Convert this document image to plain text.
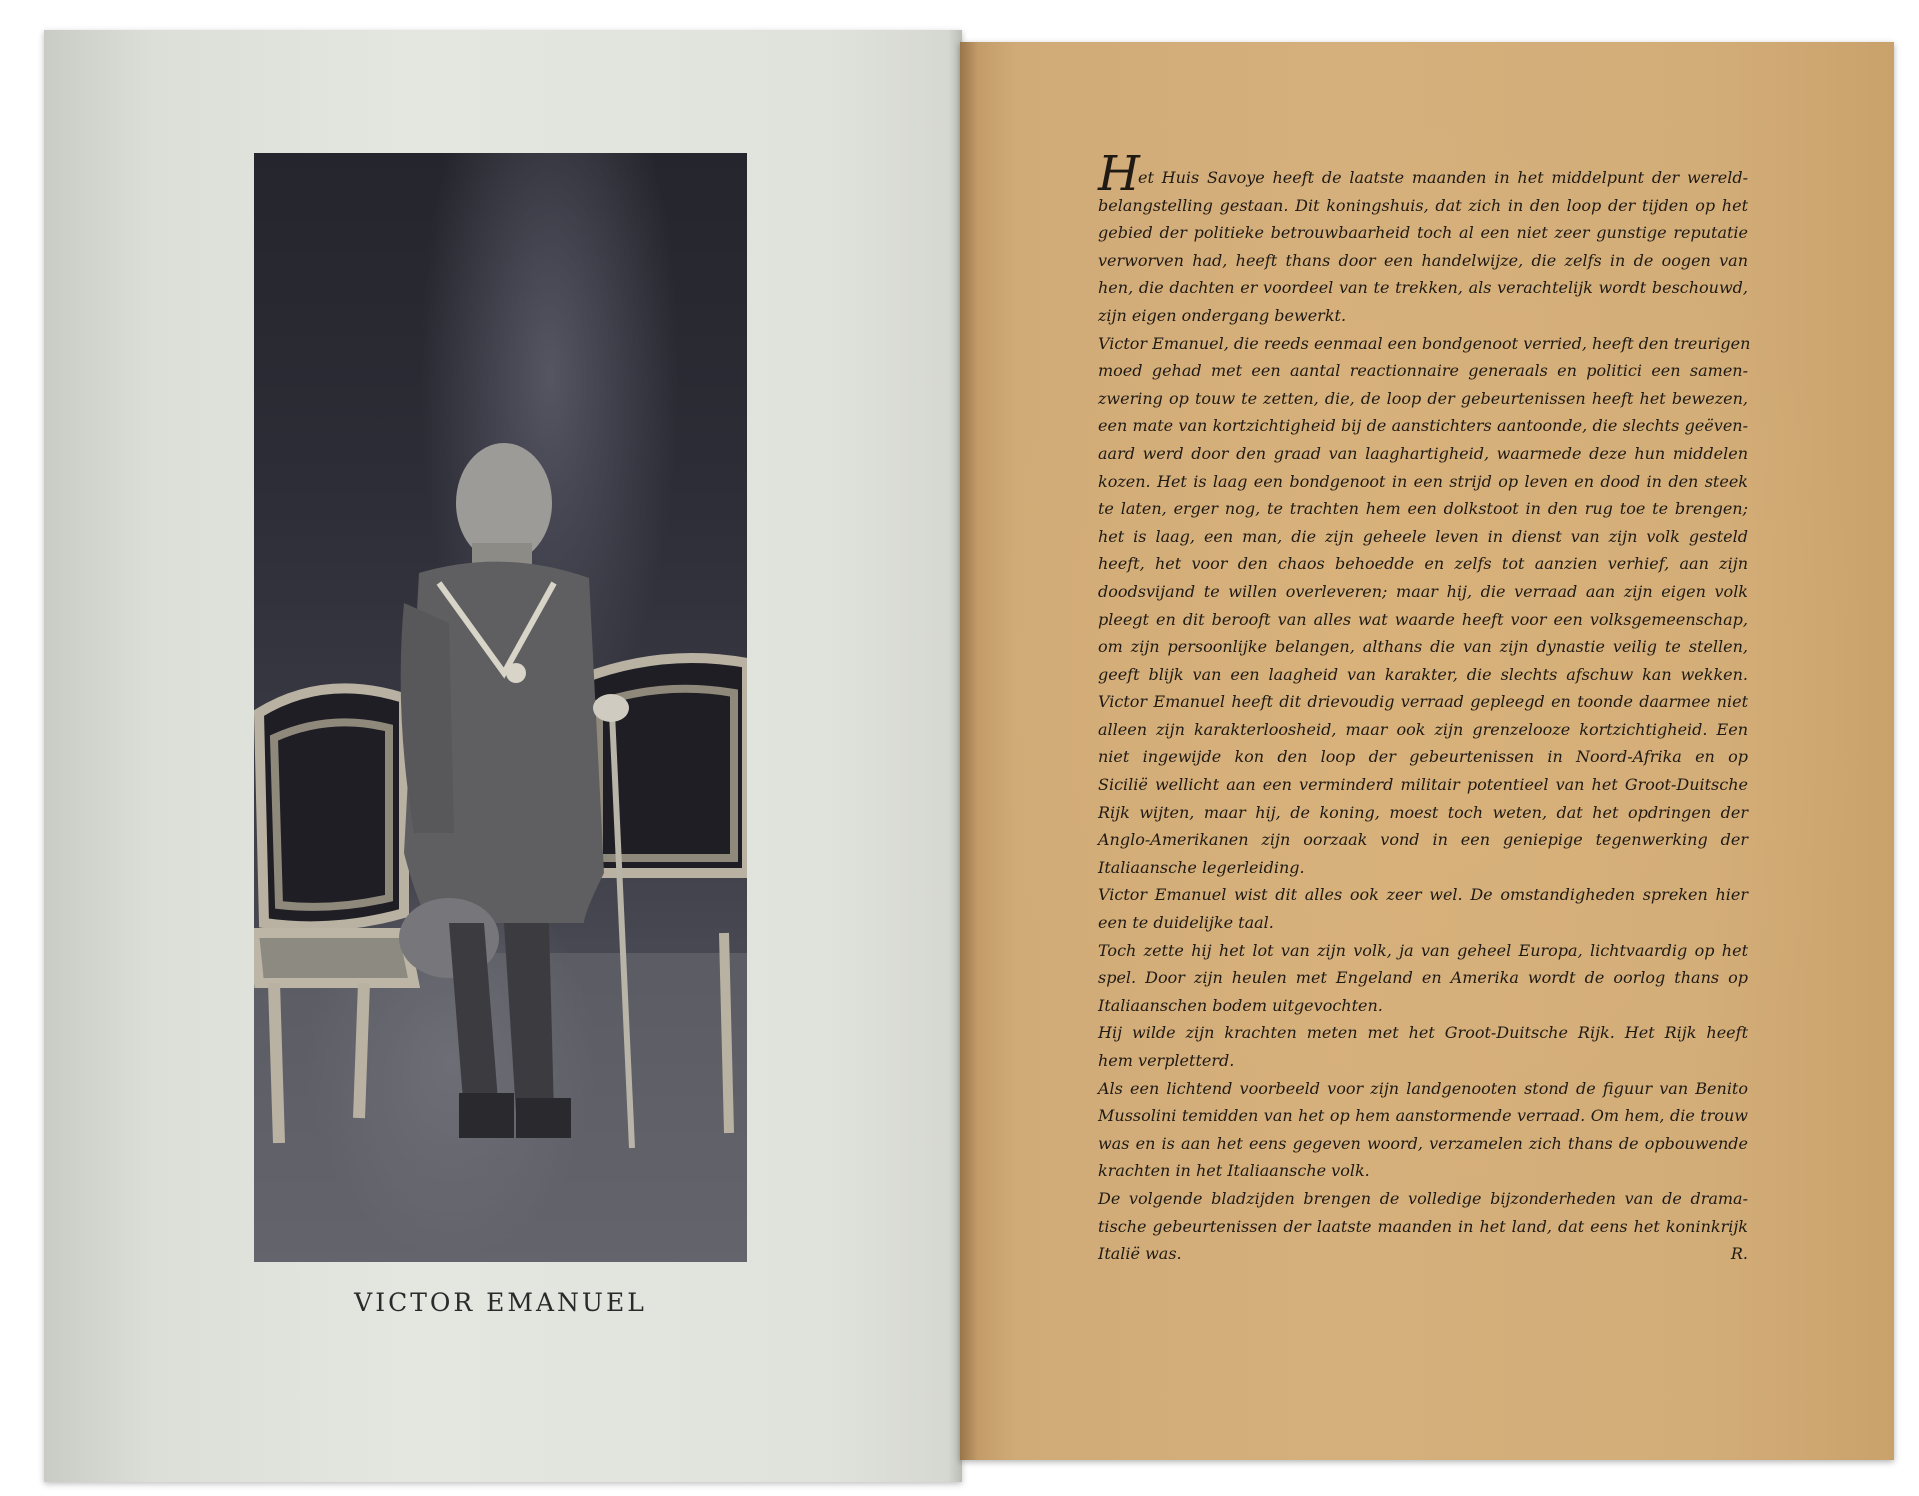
VICTOR EMANUEL
H
et Huis Savoye heeft de laatste maanden in het middelpunt der wereld-
belangstelling gestaan. Dit koningshuis, dat zich in den loop der tijden op het
gebied der politieke betrouwbaarheid toch al een niet zeer gunstige reputatie
verworven had, heeft thans door een handelwijze, die zelfs in de oogen van
hen, die dachten er voordeel van te trekken, als verachtelijk wordt beschouwd,
zijn eigen ondergang bewerkt.
Victor Emanuel, die reeds eenmaal een bondgenoot verried, heeft den treurigen
moed gehad met een aantal reactionnaire generaals en politici een samen-
zwering op touw te zetten, die, de loop der gebeurtenissen heeft het bewezen,
een mate van kortzichtigheid bij de aanstichters aantoonde, die slechts geëven-
aard werd door den graad van laaghartigheid, waarmede deze hun middelen
kozen. Het is laag een bondgenoot in een strijd op leven en dood in den steek
te laten, erger nog, te trachten hem een dolkstoot in den rug toe te brengen;
het is laag, een man, die zijn geheele leven in dienst van zijn volk gesteld
heeft, het voor den chaos behoedde en zelfs tot aanzien verhief, aan zijn
doodsvijand te willen overleveren; maar hij, die verraad aan zijn eigen volk
pleegt en dit berooft van alles wat waarde heeft voor een volksgemeenschap,
om zijn persoonlijke belangen, althans die van zijn dynastie veilig te stellen,
geeft blijk van een laagheid van karakter, die slechts afschuw kan wekken.
Victor Emanuel heeft dit drievoudig verraad gepleegd en toonde daarmee niet
alleen zijn karakterloosheid, maar ook zijn grenzelooze kortzichtigheid. Een
niet ingewijde kon den loop der gebeurtenissen in Noord-Afrika en op
Sicilië wellicht aan een verminderd militair potentieel van het Groot-Duitsche
Rijk wijten, maar hij, de koning, moest toch weten, dat het opdringen der
Anglo-Amerikanen zijn oorzaak vond in een geniepige tegenwerking der
Italiaansche legerleiding.
Victor Emanuel wist dit alles ook zeer wel. De omstandigheden spreken hier
een te duidelijke taal.
Toch zette hij het lot van zijn volk, ja van geheel Europa, lichtvaardig op het
spel. Door zijn heulen met Engeland en Amerika wordt de oorlog thans op
Italiaanschen bodem uitgevochten.
Hij wilde zijn krachten meten met het Groot-Duitsche Rijk. Het Rijk heeft
hem verpletterd.
Als een lichtend voorbeeld voor zijn landgenooten stond de figuur van Benito
Mussolini temidden van het op hem aanstormende verraad. Om hem, die trouw
was en is aan het eens gegeven woord, verzamelen zich thans de opbouwende
krachten in het Italiaansche volk.
De volgende bladzijden brengen de volledige bijzonderheden van de drama-
tische gebeurtenissen der laatste maanden in het land, dat eens het koninkrijk
Italië was.	R.
